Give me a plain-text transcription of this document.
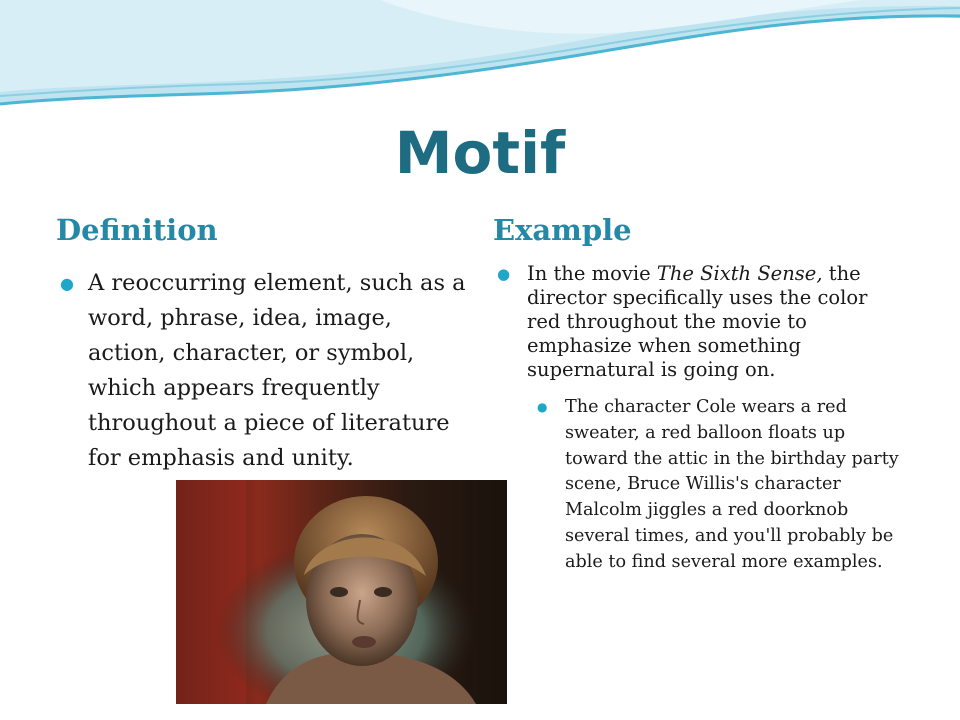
Motif
Definition	Example
● A reoccurring element, such as a word, phrase, idea, image, action, character, or symbol, which appears frequently throughout a piece of literature for emphasis and unity.
● In the movie The Sixth Sense, the director specifically uses the color red throughout the movie to emphasize when something supernatural is going on.
● The character Cole wears a red sweater, a red balloon floats up toward the attic in the birthday party scene, Bruce Willis's character Malcolm jiggles a red doorknob several times, and you'll probably be able to find several more examples.
